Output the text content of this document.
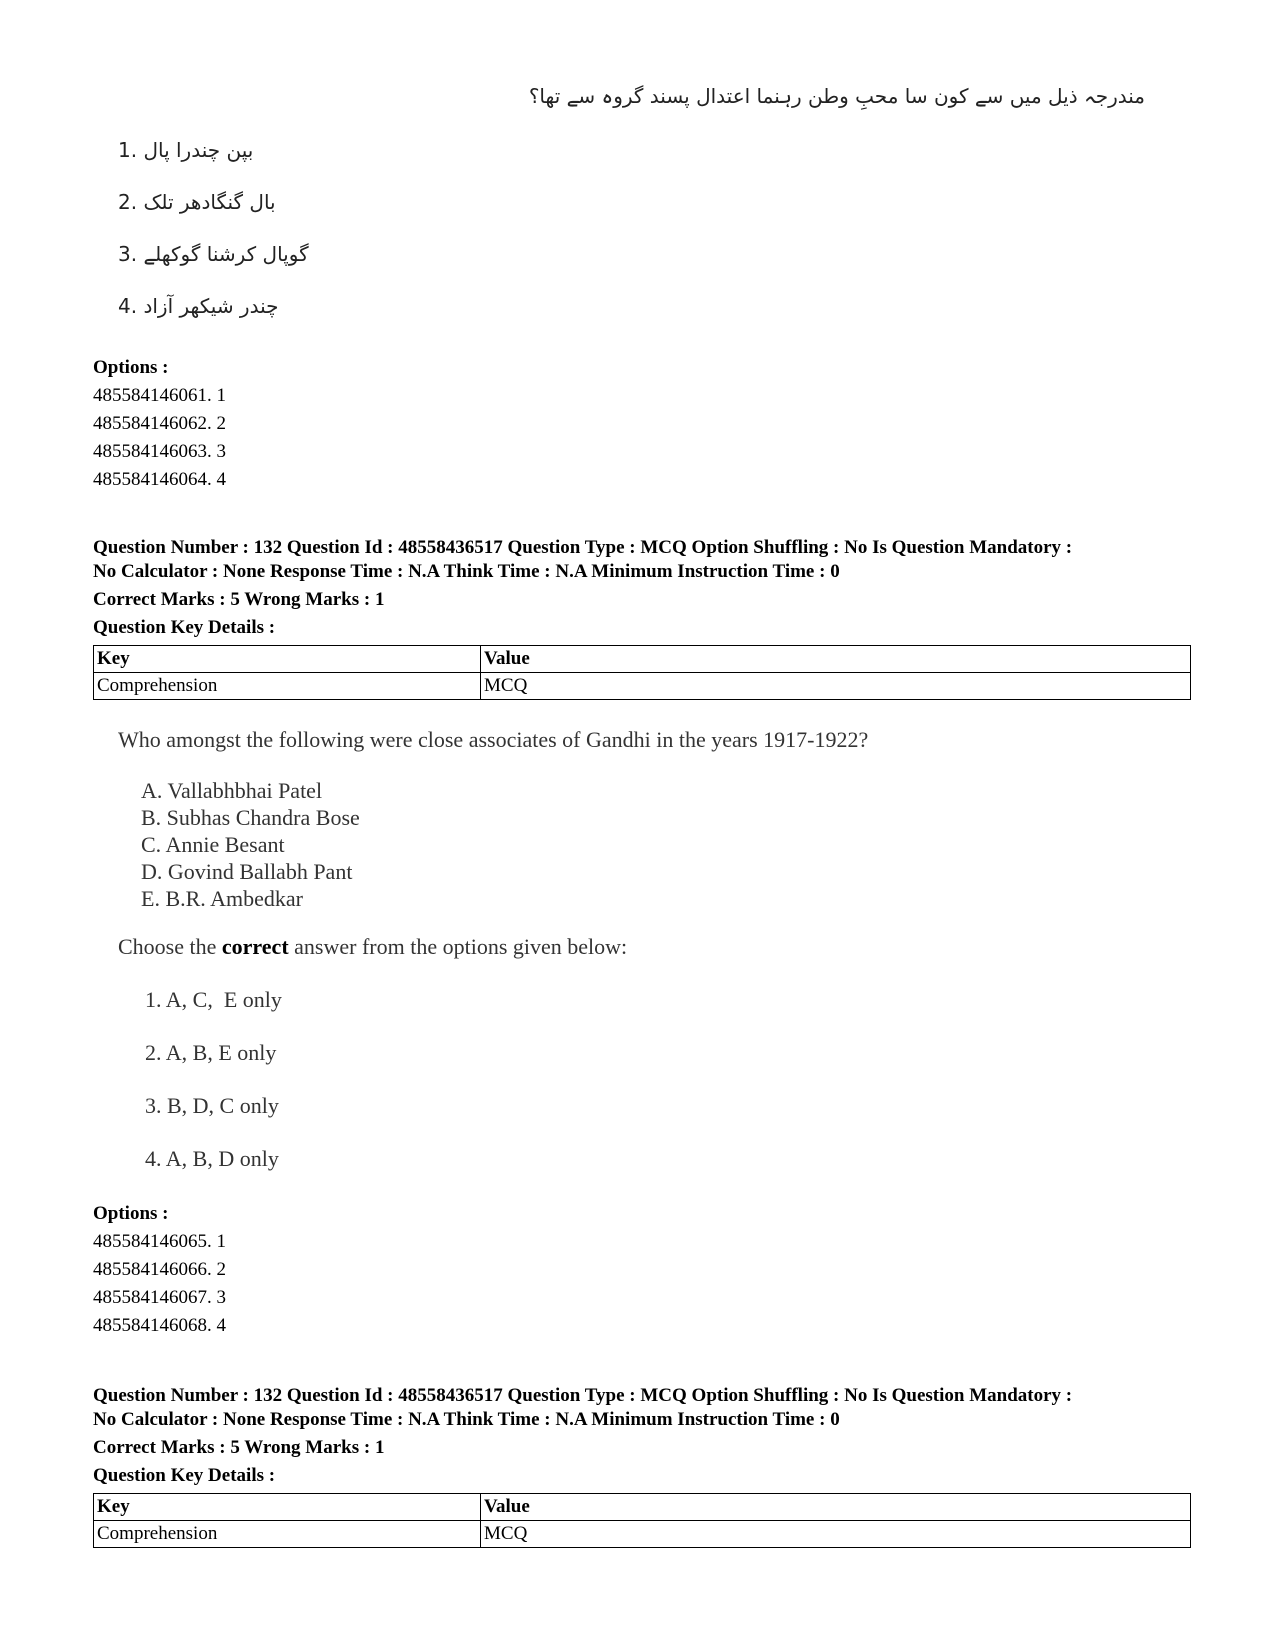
مندرجہ ذیل میں سے کون سا محبِ وطن رہنما اعتدال پسند گروہ سے تھا؟
بپن چندرا پال .1
بال گنگادھر تلک .2
گوپال کرشنا گوکھلے .3
چندر شیکھر آزاد .4
Options :
485584146061. 1
485584146062. 2
485584146063. 3
485584146064. 4
Question Number : 132 Question Id : 48558436517 Question Type : MCQ Option Shuffling : No Is Question Mandatory :
No Calculator : None Response Time : N.A Think Time : N.A Minimum Instruction Time : 0
Correct Marks : 5 Wrong Marks : 1
Question Key Details :
Key	Value
Comprehension	MCQ
Who amongst the following were close associates of Gandhi in the years 1917-1922?
A. Vallabhbhai Patel
B. Subhas Chandra Bose
C. Annie Besant
D. Govind Ballabh Pant
E. B.R. Ambedkar
Choose the correct answer from the options given below:
1. A, C,  E only
2. A, B, E only
3. B, D, C only
4. A, B, D only
Options :
485584146065. 1
485584146066. 2
485584146067. 3
485584146068. 4
Question Number : 132 Question Id : 48558436517 Question Type : MCQ Option Shuffling : No Is Question Mandatory :
No Calculator : None Response Time : N.A Think Time : N.A Minimum Instruction Time : 0
Correct Marks : 5 Wrong Marks : 1
Question Key Details :
Key	Value
Comprehension	MCQ
